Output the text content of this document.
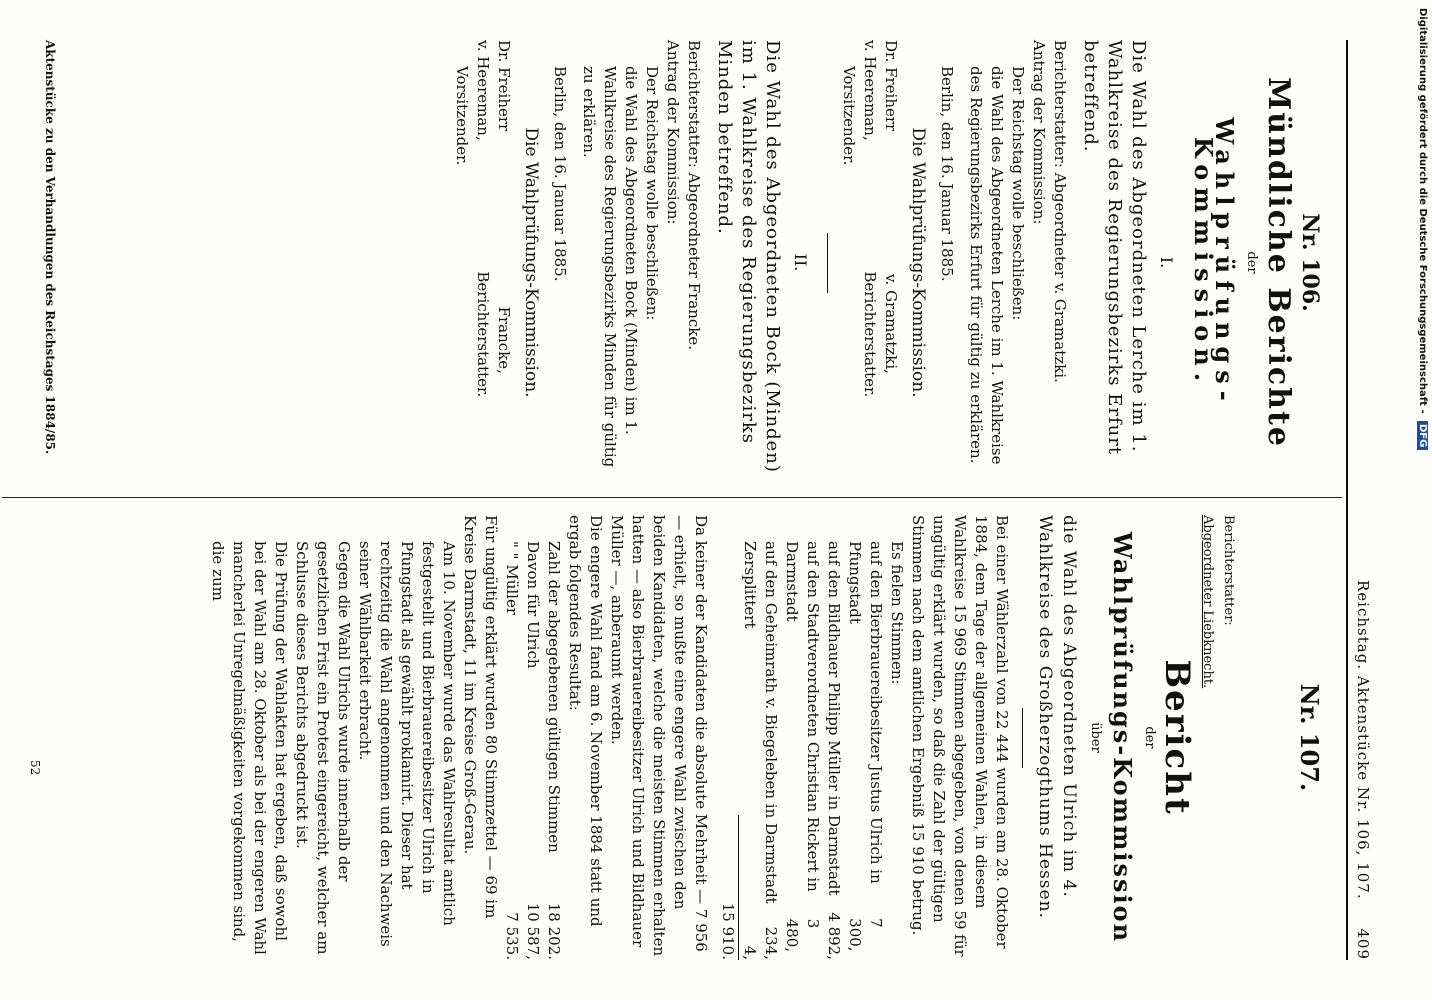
Reichstag. Aktenstücke Nr. 106, 107.
409
Nr. 106.
Mündliche Berichte
der
Wahlprüfungs-Kommission.
I.
Die Wahl des Abgeordneten Lerche im 1. Wahlkreise des Regierungsbezirks Erfurt betreffend.
Berichterstatter: Abgeordneter v. Gramatzki.
Antrag der Kommission:
Der Reichstag wolle beschließen:
die Wahl des Abgeordneten Lerche im 1. Wahlkreise des Regierungsbezirks Erfurt für gültig zu erklären.
Berlin, den 16. Januar 1885.
Die Wahlprüfungs-Kommission.
Dr. Freiherr v. Heereman,
Vorsitzender.
v. Gramatzki,
Berichterstatter.
II.
Die Wahl des Abgeordneten Bock (Minden) im 1. Wahlkreise des Regierungsbezirks Minden betreffend.
Berichterstatter: Abgeordneter Francke.
Antrag der Kommission:
Der Reichstag wolle beschließen:
die Wahl des Abgeordneten Bock (Minden) im 1. Wahlkreise des Regierungsbezirks Minden für gültig zu erklären.
Berlin, den 16. Januar 1885.
Die Wahlprüfungs-Kommission.
Dr. Freiherr v. Heereman,
Vorsitzender.
Francke,
Berichterstatter.
Nr. 107.
Berichterstatter:
Abgeordneter Liebknecht.
Bericht
der
Wahlprüfungs-Kommission
über
die Wahl des Abgeordneten Ulrich im 4. Wahlkreise des Großherzogthums Hessen.
Bei einer Wählerzahl von 22 444 wurden am 28. Oktober 1884, dem Tage der allgemeinen Wahlen, in diesem Wahlkreise 15 969 Stimmen abgegeben, von denen 59 für ungültig erklärt wurden, so daß die Zahl der gültigen Stimmen nach dem amtlichen Ergebniß 15 910 betrug.
Es fielen Stimmen:
auf den Bierbrauereibesitzer Justus Ulrich in Pfungstadt
7 300,
auf den Bildhauer Philipp Müller in Darmstadt
4 892,
auf den Stadtverordneten Christian Rickert in Darmstadt
3 480,
auf den Geheimrath v. Biegeleben in Darmstadt
234,
Zersplittert
4,
15 910.
Da keiner der Kandidaten die absolute Mehrheit — 7 956 — erhielt, so mußte eine engere Wahl zwischen den beiden Kandidaten, welche die meisten Stimmen erhalten hatten — also Bierbrauereibesitzer Ulrich und Bildhauer Müller —, anberaumt werden.
Die engere Wahl fand am 6. November 1884 statt und ergab folgendes Resultat:
Zahl der abgegebenen gültigen Stimmen
18 202.
Davon für Ulrich
10 587,
" " Müller
7 535.
Für ungültig erklärt wurden 80 Stimmzettel — 69 im Kreise Darmstadt, 11 im Kreise Groß-Gerau.
Am 10. November wurde das Wahlresultat amtlich festgestellt und Bierbrauereibesitzer Ulrich in Pfungstadt als gewählt proklamirt. Dieser hat rechtzeitig die Wahl angenommen und den Nachweis seiner Wählbarkeit erbracht.
Gegen die Wahl Ulrichs wurde innerhalb der gesetzlichen Frist ein Protest eingereicht, welcher am Schlusse dieses Berichts abgedruckt ist.
Die Prüfung der Wahlakten hat ergeben, daß sowohl bei der Wahl am 28. Oktober als bei der engeren Wahl mancherlei Unregelmäßigkeiten vorgekommen sind, die zum
Aktenstücke zu den Verhandlungen des Reichstages 1884/85.
52
Digitalisierung gefördert durch die Deutsche Forschungsgemeinschaft - DFG
